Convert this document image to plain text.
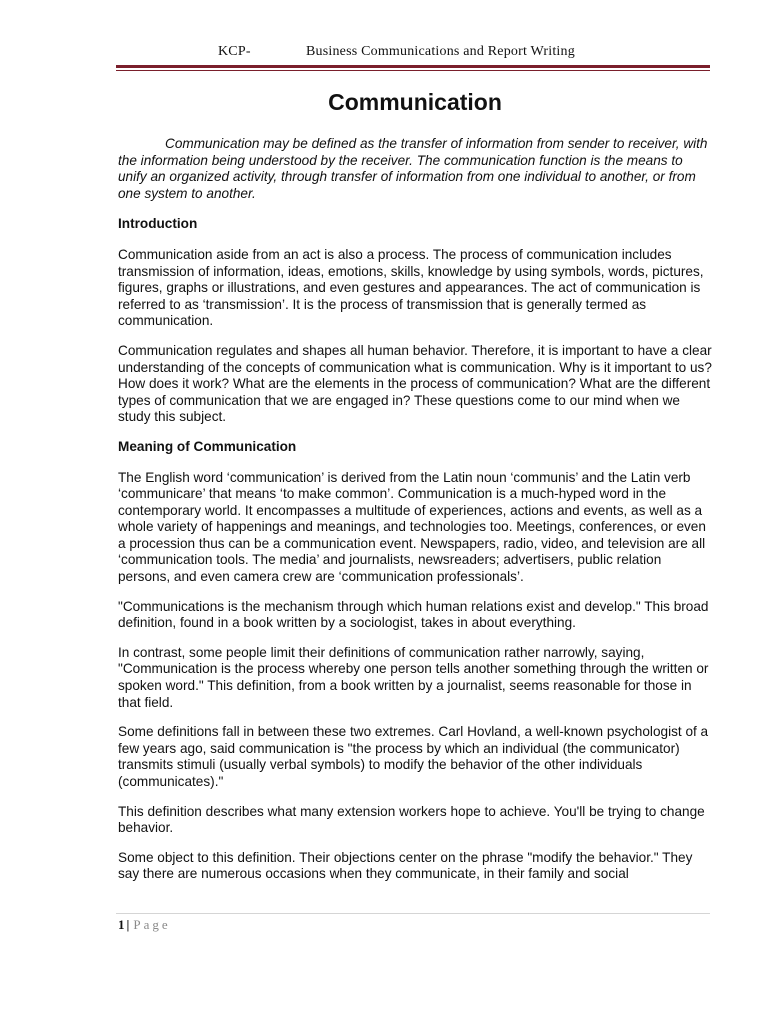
KCP-	Business Communications and Report Writing
Communication

Communication may be defined as the transfer of information from sender to receiver, with the information being understood by the receiver. The communication function is the means to unify an organized activity, through transfer of information from one individual to another, or from one system to another.

Introduction

Communication aside from an act is also a process. The process of communication includes transmission of information, ideas, emotions, skills, knowledge by using symbols, words, pictures, figures, graphs or illustrations, and even gestures and appearances. The act of communication is referred to as ‘transmission’. It is the process of transmission that is generally termed as communication.

Communication regulates and shapes all human behavior. Therefore, it is important to have a clear understanding of the concepts of communication what is communication. Why is it important to us? How does it work? What are the elements in the process of communication? What are the different types of communication that we are engaged in? These questions come to our mind when we study this subject.

Meaning of Communication

The English word ‘communication’ is derived from the Latin noun ‘communis’ and the Latin verb ‘communicare’ that means ‘to make common’. Communication is a much-hyped word in the contemporary world. It encompasses a multitude of experiences, actions and events, as well as a whole variety of happenings and meanings, and technologies too. Meetings, conferences, or even a procession thus can be a communication event. Newspapers, radio, video, and television are all ‘communication tools. The media’ and journalists, newsreaders; advertisers, public relation persons, and even camera crew are ‘communication professionals’.

"Communications is the mechanism through which human relations exist and develop." This broad definition, found in a book written by a sociologist, takes in about everything.

In contrast, some people limit their definitions of communication rather narrowly, saying, "Communication is the process whereby one person tells another something through the written or spoken word." This definition, from a book written by a journalist, seems reasonable for those in that field.

Some definitions fall in between these two extremes. Carl Hovland, a well-known psychologist of a few years ago, said communication is "the process by which an individual (the communicator) transmits stimuli (usually verbal symbols) to modify the behavior of the other individuals (communicates)."

This definition describes what many extension workers hope to achieve. You'll be trying to change behavior.

Some object to this definition. Their objections center on the phrase "modify the behavior." They say there are numerous occasions when they communicate, in their family and social

1 | Page
